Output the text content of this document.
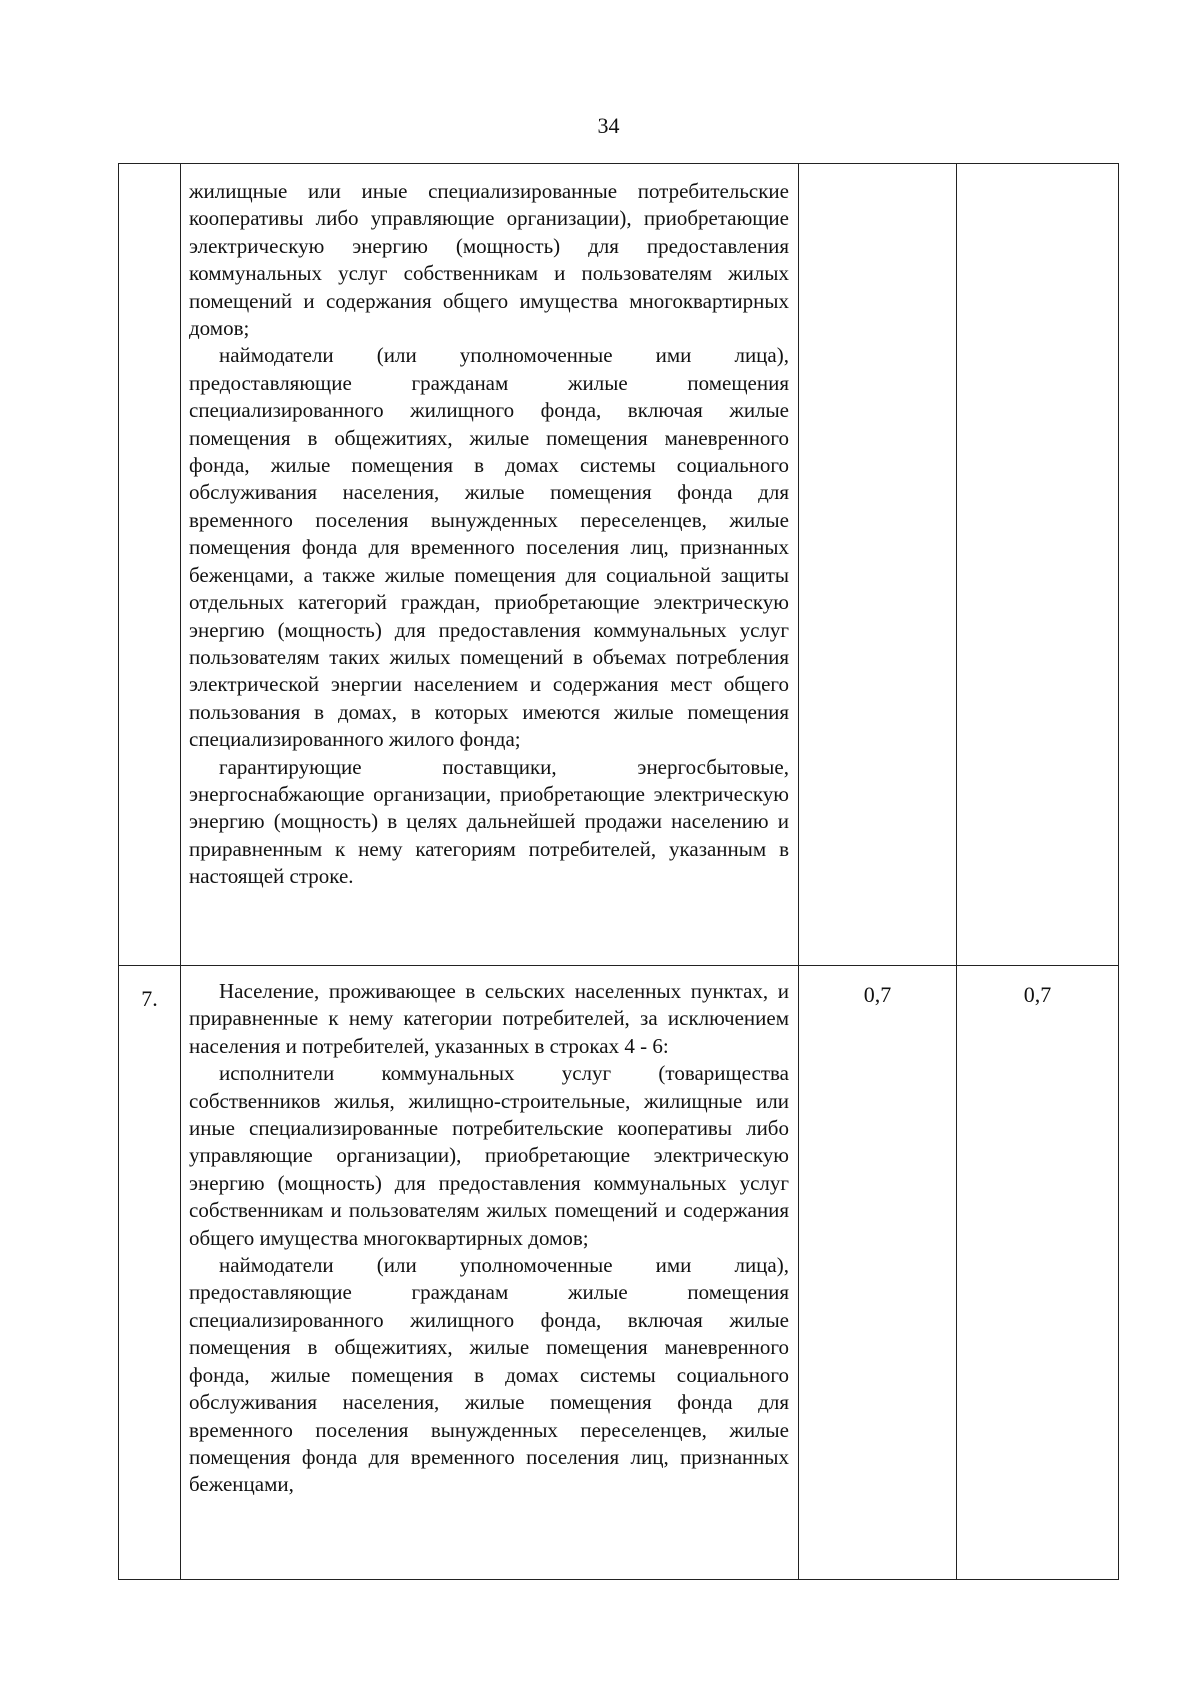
34

	жилищные или иные специализированные потребительские кооперативы либо управляющие организации), приобретающие электрическую энергию (мощность) для предоставления коммунальных услуг собственникам и пользователям жилых помещений и содержания общего имущества многоквартирных домов;

наймодатели (или уполномоченные ими лица), предоставляющие гражданам жилые помещения специализированного жилищного фонда, включая жилые помещения в общежитиях, жилые помещения маневренного фонда, жилые помещения в домах системы социального обслуживания населения, жилые помещения фонда для временного поселения вынужденных переселенцев, жилые помещения фонда для временного поселения лиц, признанных беженцами, а также жилые помещения для социальной защиты отдельных категорий граждан, приобретающие электрическую энергию (мощность) для предоставления коммунальных услуг пользователям таких жилых помещений в объемах потребления электрической энергии населением и содержания мест общего пользования в домах, в которых имеются жилые помещения специализированного жилого фонда;

гарантирующие поставщики, энергосбытовые, энергоснабжающие организации, приобретающие электрическую энергию (мощность) в целях дальнейшей продажи населению и приравненным к нему категориям потребителей, указанным в настоящей строке.		

7.	Население, проживающее в сельских населенных пунктах, и приравненные к нему категории потребителей, за исключением населения и потребителей, указанных в строках 4 - 6:

исполнители коммунальных услуг (товарищества собственников жилья, жилищно-строительные, жилищные или иные специализированные потребительские кооперативы либо управляющие организации), приобретающие электрическую энергию (мощность) для предоставления коммунальных услуг собственникам и пользователям жилых помещений и содержания общего имущества многоквартирных домов;

наймодатели (или уполномоченные ими лица), предоставляющие гражданам жилые помещения специализированного жилищного фонда, включая жилые помещения в общежитиях, жилые помещения маневренного фонда, жилые помещения в домах системы социального обслуживания населения, жилые помещения фонда для временного поселения вынужденных переселенцев, жилые помещения фонда для временного поселения лиц, признанных беженцами,	0,7	0,7
